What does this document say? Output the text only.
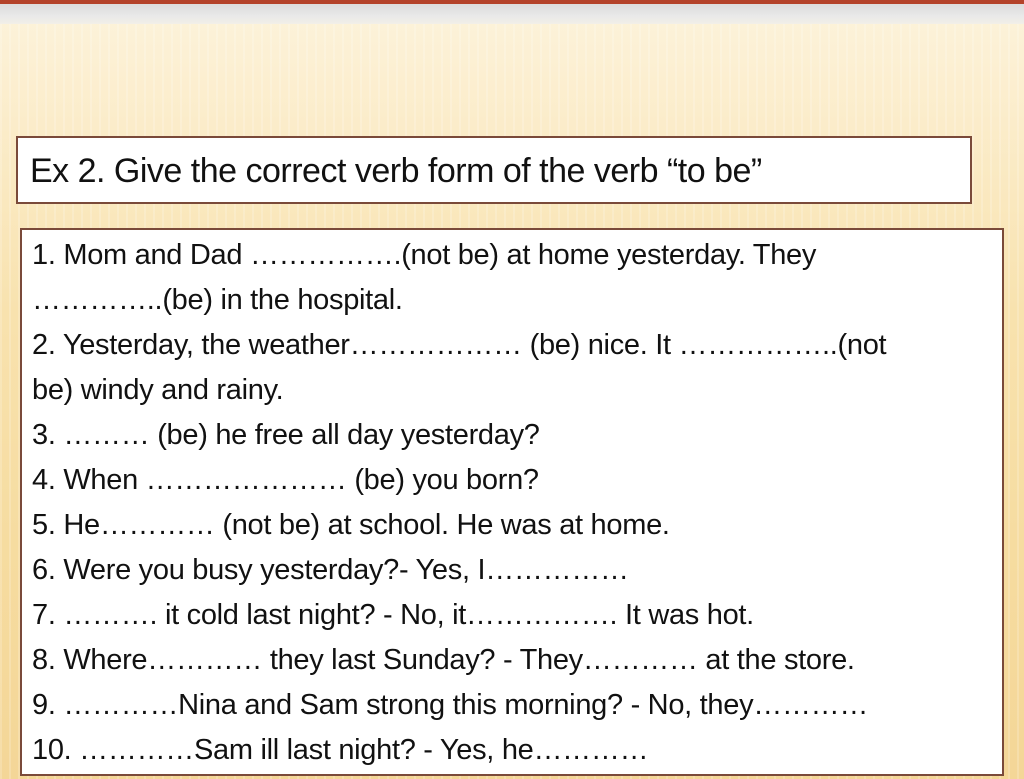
Ex 2. Give the correct verb form of the verb “to be”
1. Mom and Dad …………….(not be) at home yesterday. They
…………..(be) in the hospital.
2. Yesterday, the weather……………… (be) nice. It ……………..(not
be) windy and rainy.
3. ……… (be) he free all day yesterday?
4. When ………………… (be) you born?
5. He………… (not be) at school. He was at home.
6. Were you busy yesterday?- Yes, I……………
7. ………. it cold last night? - No, it……………. It was hot.
8. Where………… they last Sunday? - They………… at the store.
9. …………Nina and Sam strong this morning? - No, they…………
10. …………Sam ill last night? - Yes, he…………
